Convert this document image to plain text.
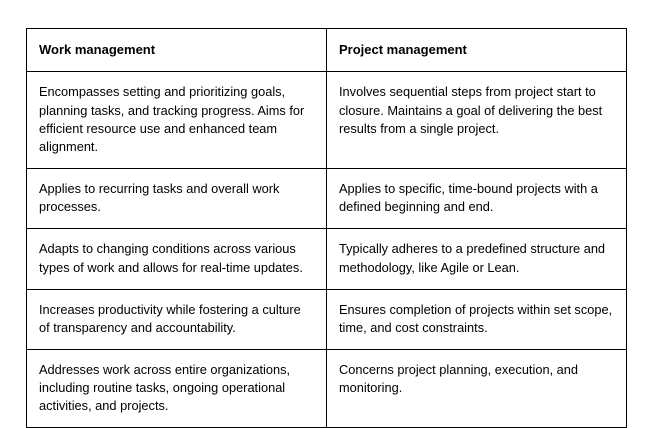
Work management	Project management
Encompasses setting and prioritizing goals, planning tasks, and tracking progress. Aims for efficient resource use and enhanced team alignment.	Involves sequential steps from project start to closure. Maintains a goal of delivering the best results from a single project.
Applies to recurring tasks and overall work processes.	Applies to specific, time-bound projects with a defined beginning and end.
Adapts to changing conditions across various types of work and allows for real-time updates.	Typically adheres to a predefined structure and methodology, like Agile or Lean.
Increases productivity while fostering a culture of transparency and accountability.	Ensures completion of projects within set scope, time, and cost constraints.
Addresses work across entire organizations, including routine tasks, ongoing operational activities, and projects.	Concerns project planning, execution, and monitoring.
